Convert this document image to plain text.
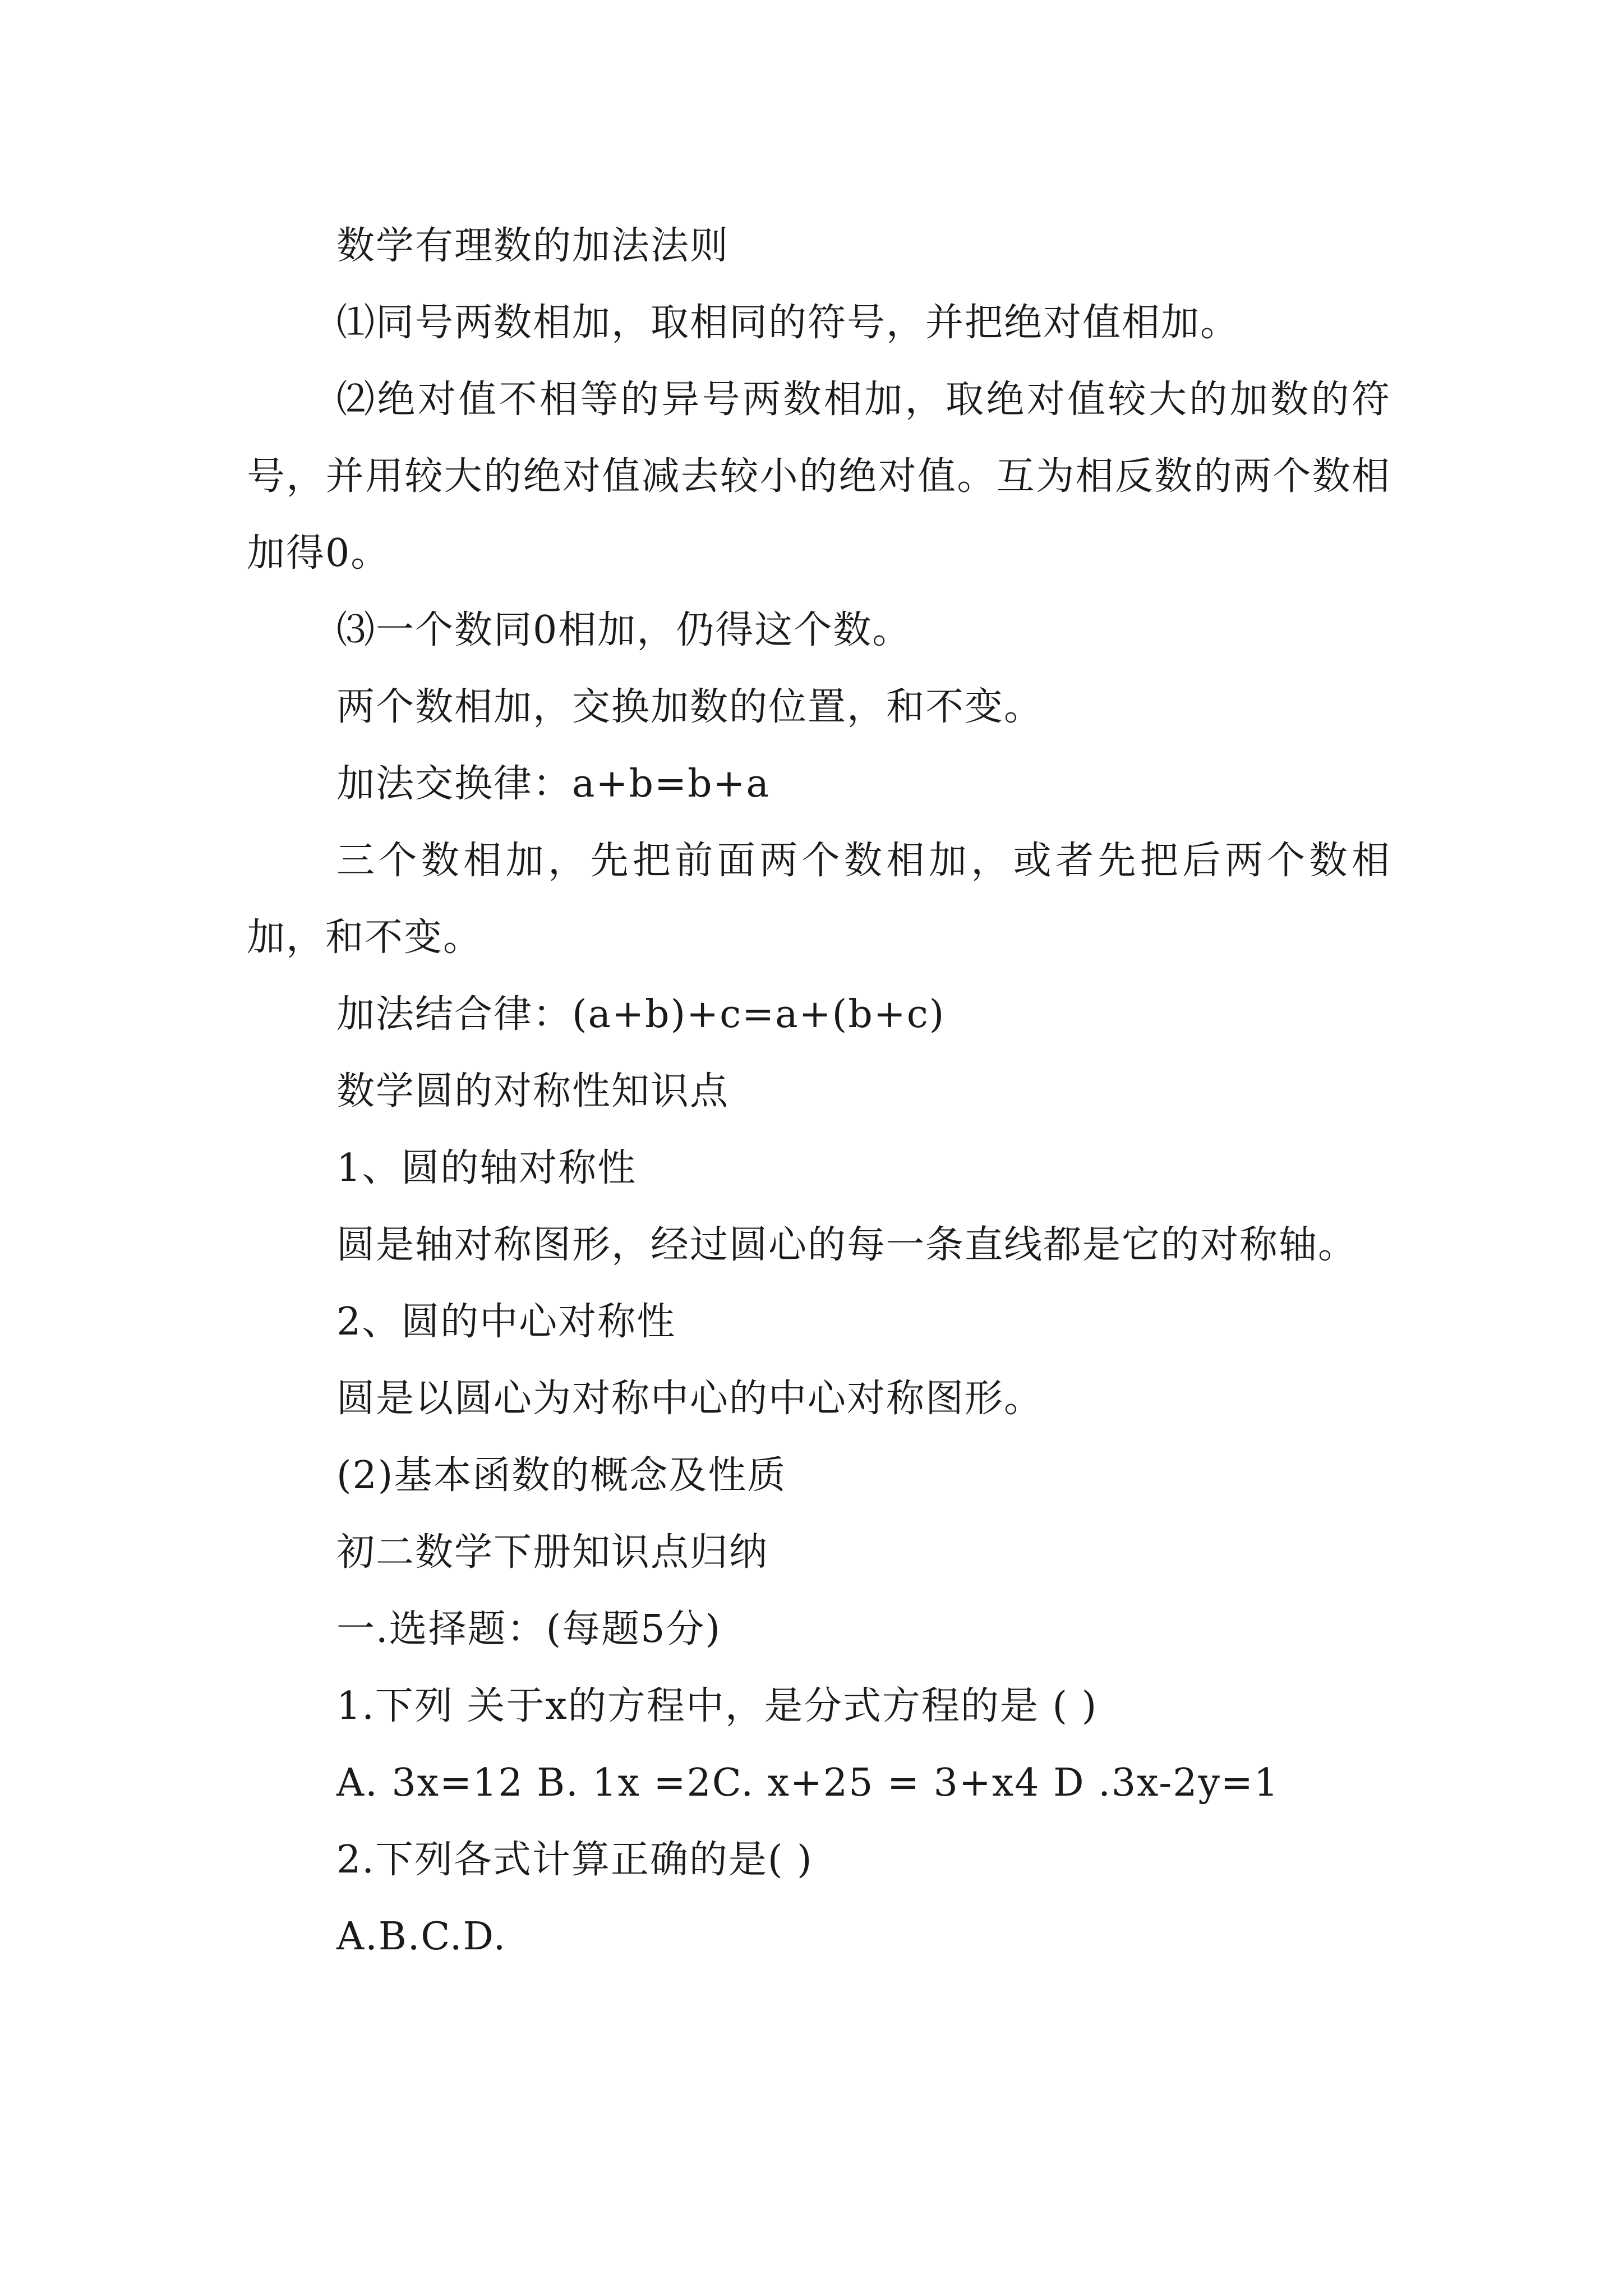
数学有理数的加法法则

⑴同号两数相加，取相同的符号，并把绝对值相加。

⑵绝对值不相等的异号两数相加，取绝对值较大的加数的符号，并用较大的绝对值减去较小的绝对值。互为相反数的两个数相加得0。

⑶一个数同0相加，仍得这个数。

两个数相加，交换加数的位置，和不变。

加法交换律：a+b=b+a

三个数相加，先把前面两个数相加，或者先把后两个数相加，和不变。

加法结合律：(a+b)+c=a+(b+c)

数学圆的对称性知识点

1、圆的轴对称性

圆是轴对称图形，经过圆心的每一条直线都是它的对称轴。

2、圆的中心对称性

圆是以圆心为对称中心的中心对称图形。

(2)基本函数的概念及性质

初二数学下册知识点归纳

一.选择题：(每题5分)

1.下列 关于x的方程中，是分式方程的是 ( )

A. 3x=12 B. 1x =2C. x+25 = 3+x4 D .3x-2y=1

2.下列各式计算正确的是( )

A.B.C.D.
